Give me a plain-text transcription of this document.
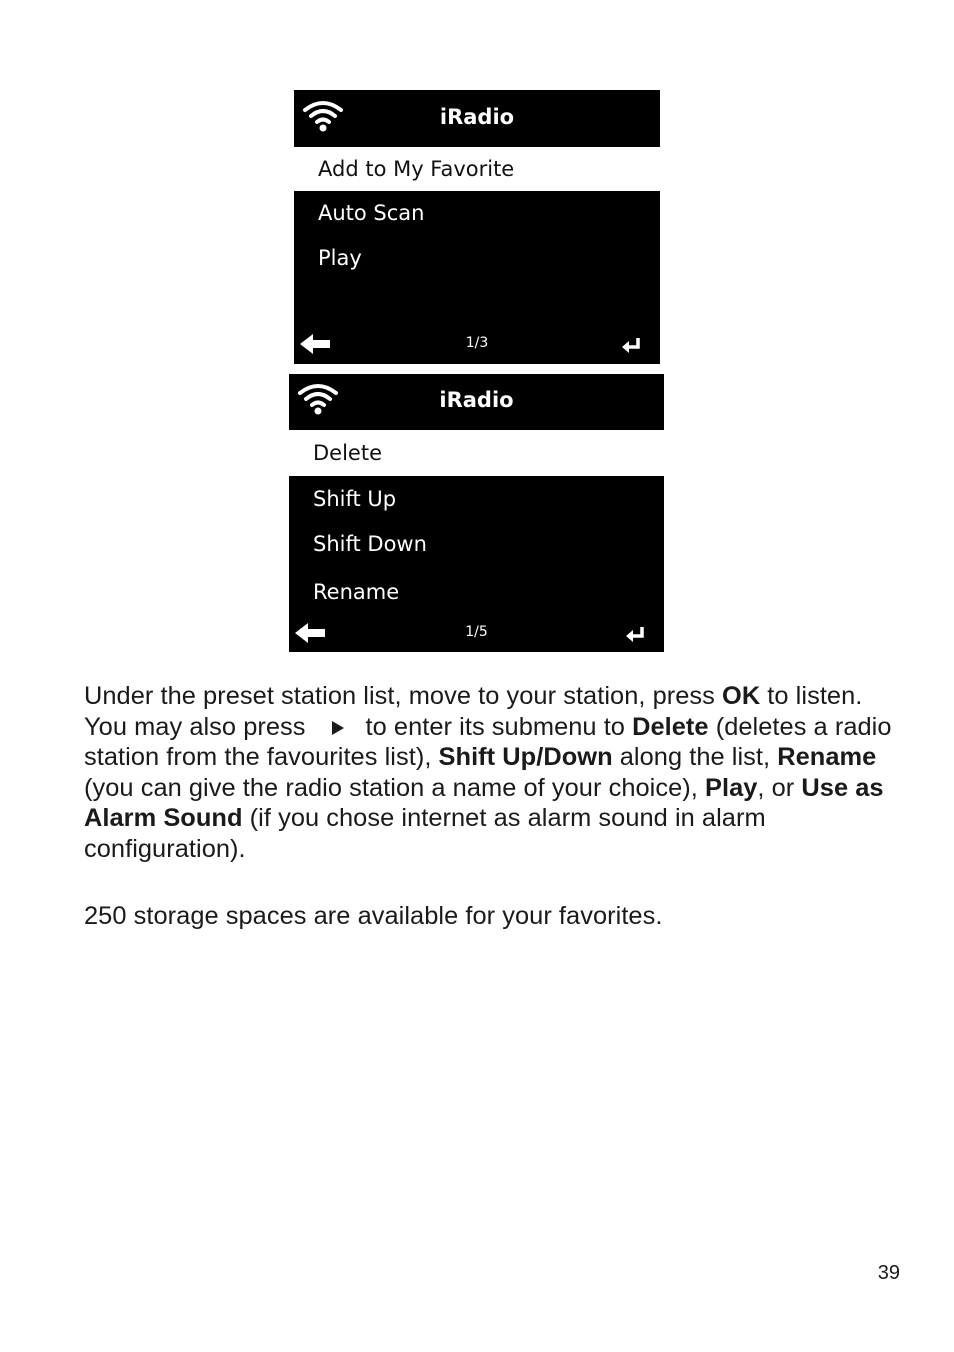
iRadio
Add to My Favorite
Auto Scan
Play
1/3
iRadio
Delete
Shift Up
Shift Down
Rename
1/5
Under the preset station list, move to your station, press OK to listen. You may also press to enter its submenu to Delete (deletes a radio station from the favourites list), Shift Up/Down along the list, Rename (you can give the radio station a name of your choice), Play, or Use as Alarm Sound (if you chose internet as alarm sound in alarm configuration).
250 storage spaces are available for your favorites.
39
